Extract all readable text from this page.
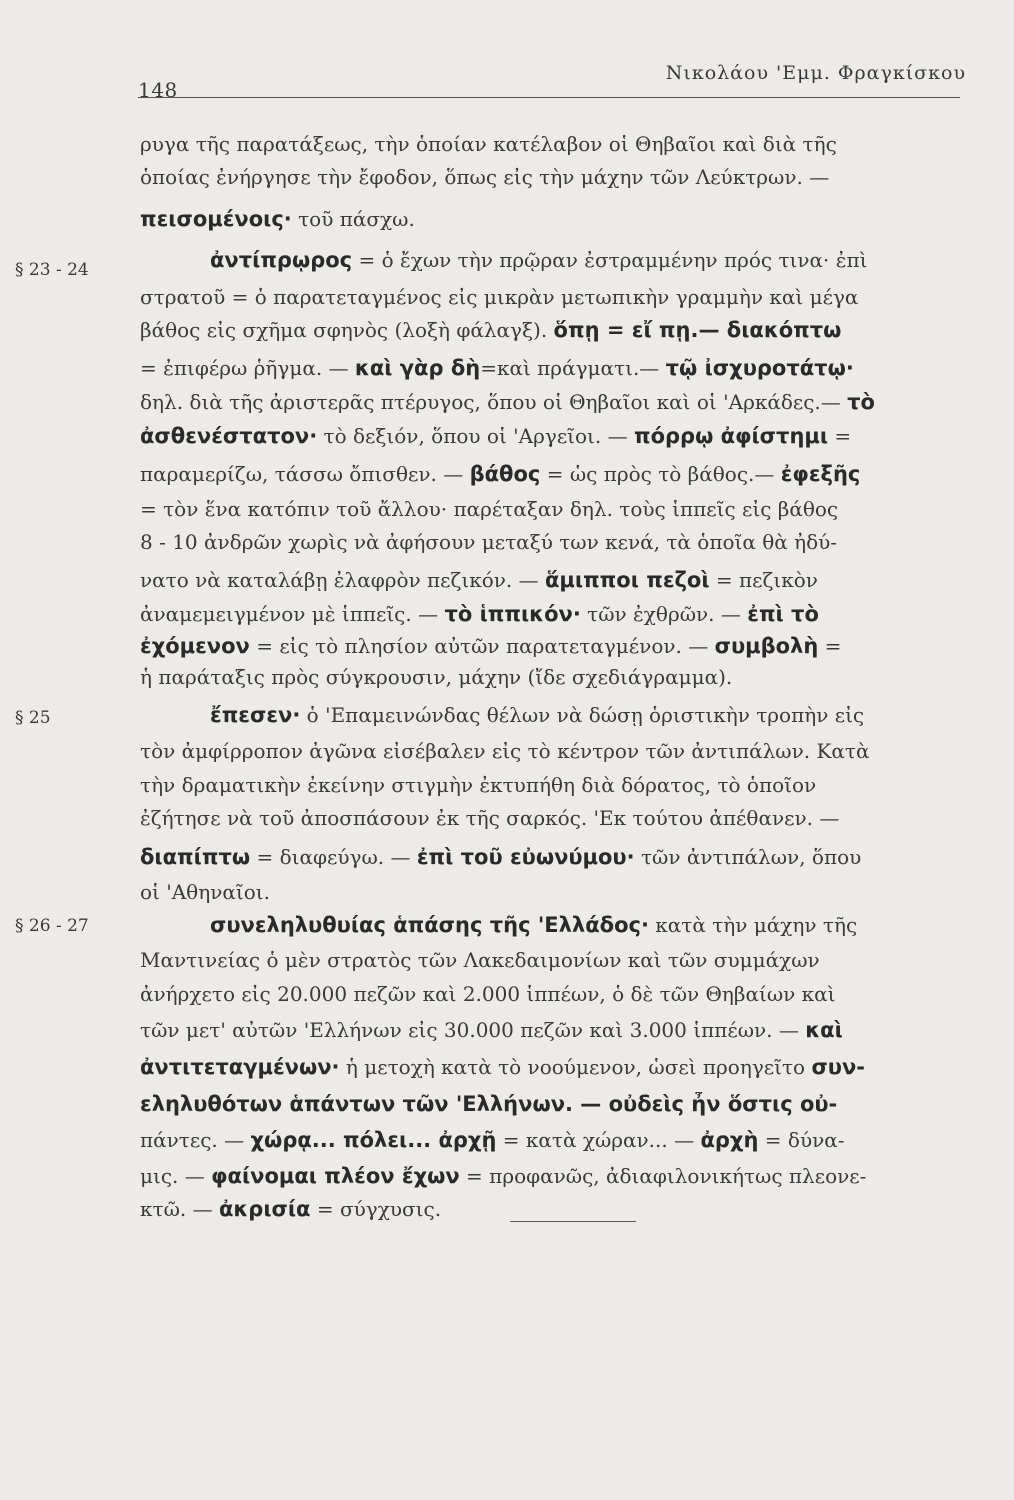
148
Νικολάου 'Εμμ. Φραγκίσκου
ρυγα τῆς παρατάξεως, τὴν ὁποίαν κατέλαβον οἱ Θηβαῖοι καὶ διὰ τῆς
ὁποίας ἐνήργησε τὴν ἔφοδον, ὅπως εἰς τὴν μάχην τῶν Λεύκτρων. —
πεισομένοις· τοῦ πάσχω.
ἀντίπρῳρος = ὁ ἔχων τὴν πρῷραν ἐστραμμένην πρός τινα· ἐπὶ
στρατοῦ = ὁ παρατεταγμένος εἰς μικρὰν μετωπικὴν γραμμὴν καὶ μέγα
βάθος εἰς σχῆμα σφηνὸς (λοξὴ φάλαγξ). ὅπῃ = εἴ πῃ.— διακόπτω
= ἐπιφέρω ῥῆγμα. — καὶ γὰρ δὴ=καὶ πράγματι.— τῷ ἰσχυροτάτῳ·
δηλ. διὰ τῆς ἀριστερᾶς πτέρυγος, ὅπου οἱ Θηβαῖοι καὶ οἱ 'Αρκάδες.— τὸ
ἀσθενέστατον· τὸ δεξιόν, ὅπου οἱ 'Αργεῖοι. — πόρρῳ ἀφίστημι =
παραμερίζω, τάσσω ὄπισθεν. — βάθος = ὡς πρὸς τὸ βάθος.— ἐφεξῆς
= τὸν ἕνα κατόπιν τοῦ ἄλλου· παρέταξαν δηλ. τοὺς ἱππεῖς εἰς βάθος
8 - 10 ἀνδρῶν χωρὶς νὰ ἀφήσουν μεταξύ των κενά, τὰ ὁποῖα θὰ ἠδύ-
νατο νὰ καταλάβῃ ἐλαφρὸν πεζικόν. — ἅμιπποι πεζοὶ = πεζικὸν
ἀναμεμειγμένον μὲ ἱππεῖς. — τὸ ἱππικόν· τῶν ἐχθρῶν. — ἐπὶ τὸ
ἐχόμενον = εἰς τὸ πλησίον αὐτῶν παρατεταγμένον. — συμβολὴ =
ἡ παράταξις πρὸς σύγκρουσιν, μάχην (ἴδε σχεδιάγραμμα).
ἔπεσεν· ὁ 'Επαμεινώνδας θέλων νὰ δώσῃ ὁριστικὴν τροπὴν εἰς
τὸν ἀμφίρροπον ἀγῶνα εἰσέβαλεν εἰς τὸ κέντρον τῶν ἀντιπάλων. Κατὰ
τὴν δραματικὴν ἐκείνην στιγμὴν ἐκτυπήθη διὰ δόρατος, τὸ ὁποῖον
ἐζήτησε νὰ τοῦ ἀποσπάσουν ἐκ τῆς σαρκός. 'Εκ τούτου ἀπέθανεν. —
διαπίπτω = διαφεύγω. — ἐπὶ τοῦ εὐωνύμου· τῶν ἀντιπάλων, ὅπου
οἱ 'Αθηναῖοι.
συνεληλυθυίας ἁπάσης τῆς 'Ελλάδος· κατὰ τὴν μάχην τῆς
Μαντινείας ὁ μὲν στρατὸς τῶν Λακεδαιμονίων καὶ τῶν συμμάχων
ἀνήρχετο εἰς 20.000 πεζῶν καὶ 2.000 ἱππέων, ὁ δὲ τῶν Θηβαίων καὶ
τῶν μετ' αὐτῶν 'Ελλήνων εἰς 30.000 πεζῶν καὶ 3.000 ἱππέων. — καὶ
ἀντιτεταγμένων· ἡ μετοχὴ κατὰ τὸ νοούμενον, ὡσεὶ προηγεῖτο συν-
εληλυθότων ἁπάντων τῶν 'Ελλήνων. — οὐδεὶς ἦν ὅστις οὐ-
πάντες. — χώρᾳ... πόλει... ἀρχῇ = κατὰ χώραν... — ἀρχὴ = δύνα-
μις. — φαίνομαι πλέον ἔχων = προφανῶς, ἀδιαφιλονικήτως πλεονε-
κτῶ. — ἀκρισία = σύγχυσις.
§ 23 - 24
§ 25
§ 26 - 27
